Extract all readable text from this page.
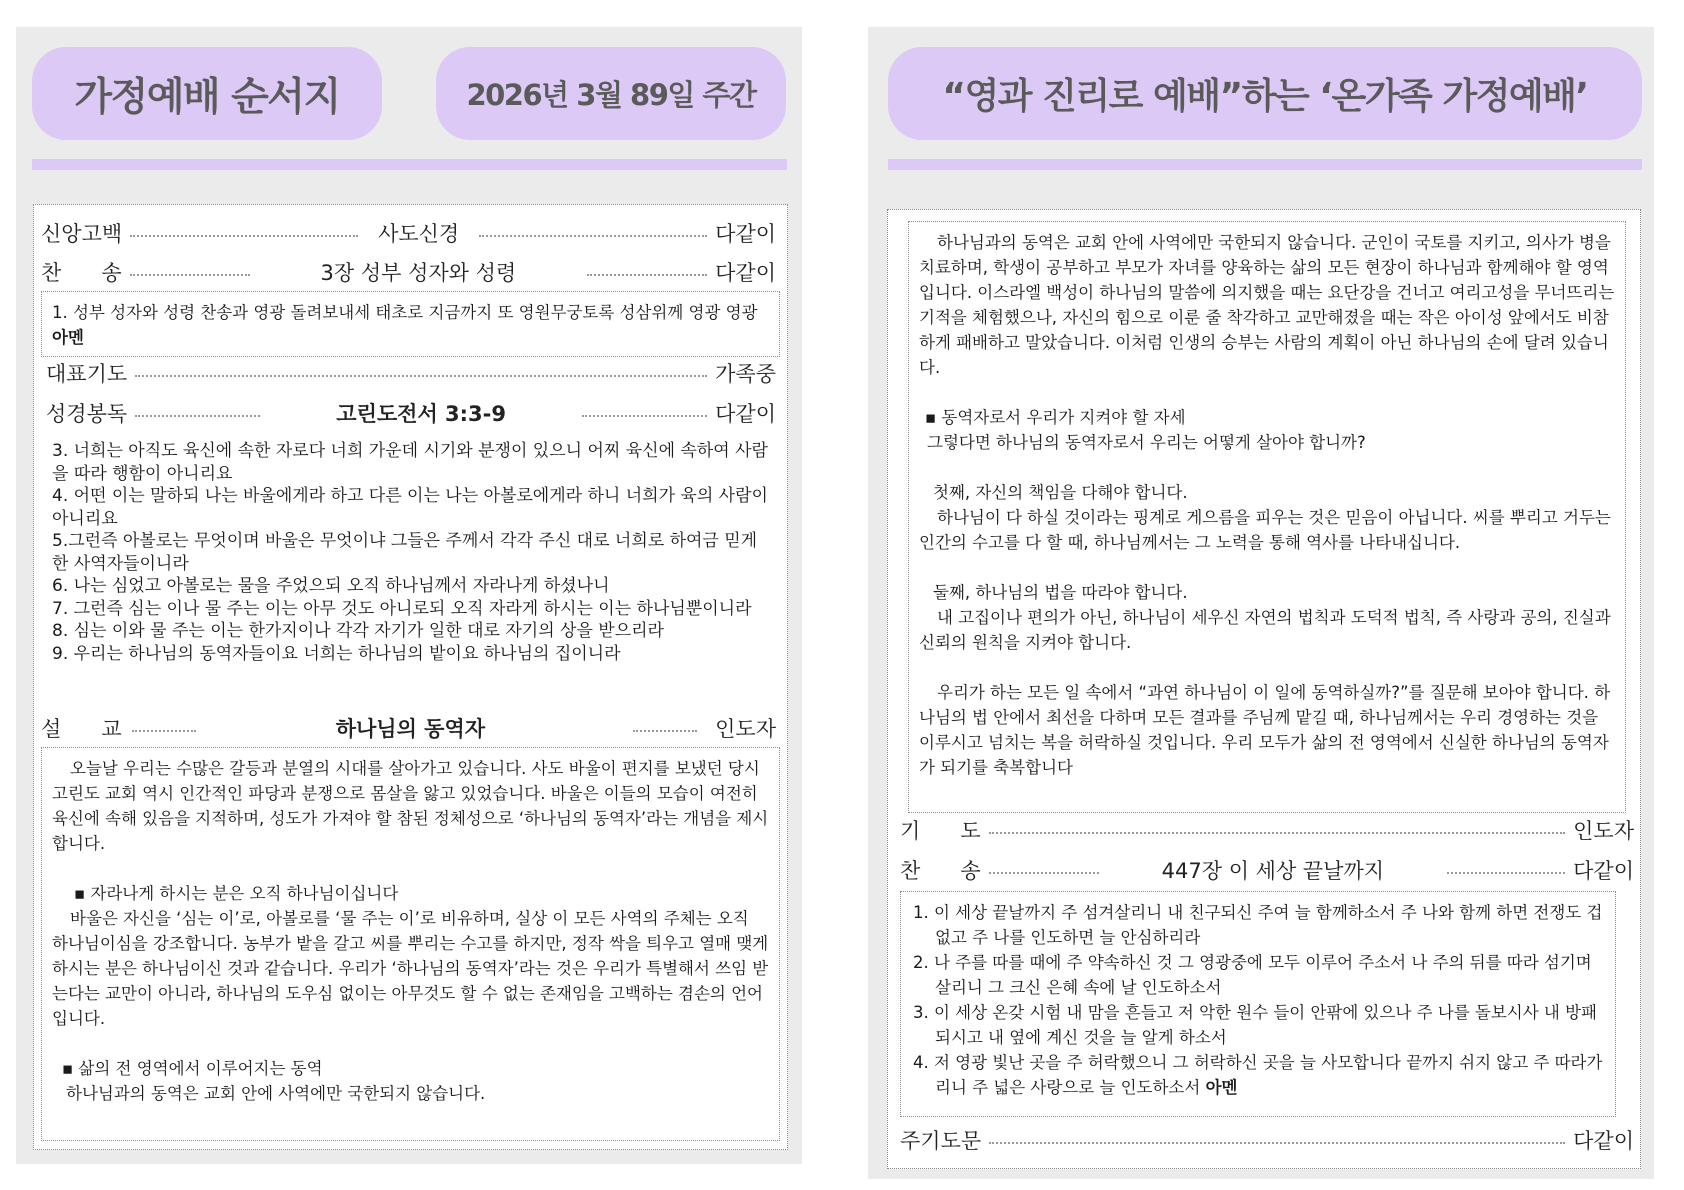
가정예배 순서지	2026년 3월 89일 주간
신앙고백	사도신경	다같이
찬      송	3장 성부 성자와 성령	다같이

1. 성부 성자와 성령 찬송과 영광 돌려보내세 태초로 지금까지 또 영원무궁토록 성삼위께 영광 영광 아멘

대표기도	가족중
성경봉독	고린도전서 3:3-9	다같이

3. 너희는 아직도 육신에 속한 자로다 너희 가운데 시기와 분쟁이 있으니 어찌 육신에 속하여 사람을 따라 행함이 아니리요

4. 어떤 이는 말하되 나는 바울에게라 하고 다른 이는 나는 아볼로에게라 하니 너희가 육의 사람이 아니리요

5.그런즉 아볼로는 무엇이며 바울은 무엇이냐 그들은 주께서 각각 주신 대로 너희로 하여금 믿게 한 사역자들이니라

6. 나는 심었고 아볼로는 물을 주었으되 오직 하나님께서 자라나게 하셨나니

7. 그런즉 심는 이나 물 주는 이는 아무 것도 아니로되 오직 자라게 하시는 이는 하나님뿐이니라

8. 심는 이와 물 주는 이는 한가지이나 각각 자기가 일한 대로 자기의 상을 받으리라

9. 우리는 하나님의 동역자들이요 너희는 하나님의 밭이요 하나님의 집이니라

설      교	하나님의 동역자	인도자

오늘날 우리는 수많은 갈등과 분열의 시대를 살아가고 있습니다. 사도 바울이 편지를 보냈던 당시 고린도 교회 역시 인간적인 파당과 분쟁으로 몸살을 앓고 있었습니다. 바울은 이들의 모습이 여전히 육신에 속해 있음을 지적하며, 성도가 가져야 할 참된 정체성으로 ‘하나님의 동역자’라는 개념을 제시합니다.

▪ 자라나게 하시는 분은 오직 하나님이십니다

바울은 자신을 ‘심는 이’로, 아볼로를 ‘물 주는 이’로 비유하며, 실상 이 모든 사역의 주체는 오직 하나님이심을 강조합니다. 농부가 밭을 갈고 씨를 뿌리는 수고를 하지만, 정작 싹을 틔우고 열매 맺게 하시는 분은 하나님이신 것과 같습니다. 우리가 ‘하나님의 동역자’라는 것은 우리가 특별해서 쓰임 받는다는 교만이 아니라, 하나님의 도우심 없이는 아무것도 할 수 없는 존재임을 고백하는 겸손의 언어입니다.

▪ 삶의 전 영역에서 이루어지는 동역

하나님과의 동역은 교회 안에 사역에만 국한되지 않습니다.

“영과 진리로 예배”하는 ‘온가족 가정예배’

하나님과의 동역은 교회 안에 사역에만 국한되지 않습니다. 군인이 국토를 지키고, 의사가 병을 치료하며, 학생이 공부하고 부모가 자녀를 양육하는 삶의 모든 현장이 하나님과 함께해야 할 영역입니다. 이스라엘 백성이 하나님의 말씀에 의지했을 때는 요단강을 건너고 여리고성을 무너뜨리는 기적을 체험했으나, 자신의 힘으로 이룬 줄 착각하고 교만해졌을 때는 작은 아이성 앞에서도 비참하게 패배하고 말았습니다. 이처럼 인생의 승부는 사람의 계획이 아닌 하나님의 손에 달려 있습니다.

▪ 동역자로서 우리가 지켜야 할 자세

그렇다면 하나님의 동역자로서 우리는 어떻게 살아야 합니까?

첫째, 자신의 책임을 다해야 합니다.

하나님이 다 하실 것이라는 핑계로 게으름을 피우는 것은 믿음이 아닙니다. 씨를 뿌리고 거두는 인간의 수고를 다 할 때, 하나님께서는 그 노력을 통해 역사를 나타내십니다.

둘째, 하나님의 법을 따라야 합니다.

내 고집이나 편의가 아닌, 하나님이 세우신 자연의 법칙과 도덕적 법칙, 즉 사랑과 공의, 진실과 신뢰의 원칙을 지켜야 합니다.

우리가 하는 모든 일 속에서 “과연 하나님이 이 일에 동역하실까?”를 질문해 보아야 합니다. 하나님의 법 안에서 최선을 다하며 모든 결과를 주님께 맡길 때, 하나님께서는 우리 경영하는 것을 이루시고 넘치는 복을 허락하실 것입니다. 우리 모두가 삶의 전 영역에서 신실한 하나님의 동역자가 되기를 축복합니다

기      도	인도자
찬      송	447장 이 세상 끝날까지	다같이

1. 이 세상 끝날까지 주 섬겨살리니 내 친구되신 주여 늘 함께하소서 주 나와 함께 하면 전쟁도 겁없고 주 나를 인도하면 늘 안심하리라

2. 나 주를 따를 때에 주 약속하신 것 그 영광중에 모두 이루어 주소서 나 주의 뒤를 따라 섬기며 살리니 그 크신 은혜 속에 날 인도하소서

3. 이 세상 온갖 시험 내 맘을 흔들고 저 악한 원수 들이 안팎에 있으나 주 나를 돌보시사 내 방패되시고 내 옆에 계신 것을 늘 알게 하소서

4. 저 영광 빛난 곳을 주 허락했으니 그 허락하신 곳을 늘 사모합니다 끝까지 쉬지 않고 주 따라가리니 주 넓은 사랑으로 늘 인도하소서 아멘

주기도문	다같이
